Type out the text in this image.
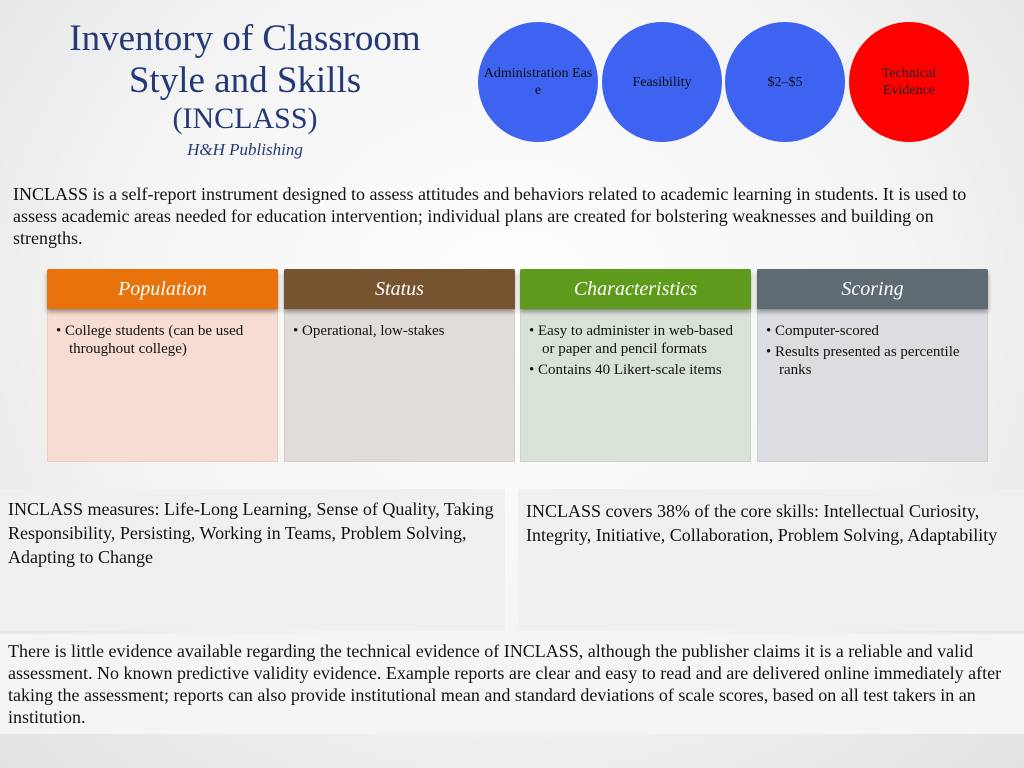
Inventory of Classroom
Style and Skills
(INCLASS)
H&H Publishing
Administration Ease
Feasibility	$2–$5
Technical Evidence
INCLASS is a self-report instrument designed to assess attitudes and behaviors related to academic learning in students. It is used to assess academic areas needed for education intervention; individual plans are created for bolstering weaknesses and building on strengths.
Population
• College students (can be used throughout college)
Status
• Operational, low-stakes
Characteristics
• Easy to administer in web-based or paper and pencil formats
• Contains 40 Likert-scale items
Scoring
• Computer-scored
• Results presented as percentile ranks
INCLASS measures: Life-Long Learning, Sense of Quality, Taking Responsibility, Persisting, Working in Teams, Problem Solving, Adapting to Change
INCLASS covers 38% of the core skills: Intellectual Curiosity, Integrity, Initiative, Collaboration, Problem Solving, Adaptability
There is little evidence available regarding the technical evidence of INCLASS, although the publisher claims it is a reliable and valid assessment. No known predictive validity evidence. Example reports are clear and easy to read and are delivered online immediately after taking the assessment; reports can also provide institutional mean and standard deviations of scale scores, based on all test takers in an institution.
